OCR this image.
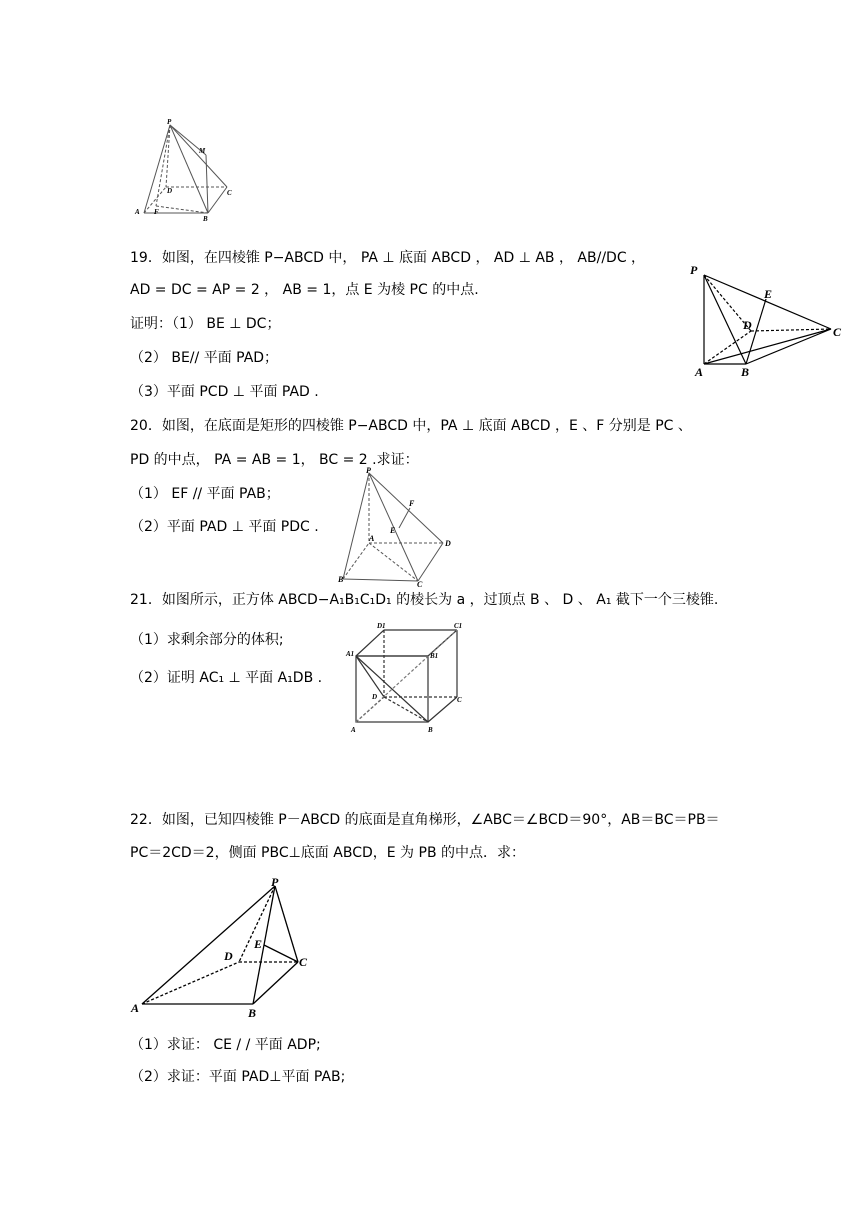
P
M
D	C
A F
B
19．如图，在四棱锥 P−ABCD 中， PA ⊥ 底面 ABCD ， AD ⊥ AB ， AB//DC ，
AD = DC = AP = 2 ， AB = 1，点 E 为棱 PC 的中点.
证明：（1） BE ⊥ DC；
（2） BE// 平面 PAD；
（3）平面 PCD ⊥ 平面 PAD .
P
E
D	C
A	B
20．如图，在底面是矩形的四棱锥 P−ABCD 中，PA ⊥ 底面 ABCD ，E 、F 分别是 PC 、
PD 的中点， PA = AB = 1， BC = 2 .求证：
（1） EF // 平面 PAB；
（2）平面 PAD ⊥ 平面 PDC .
P
F
E
A
D
B
C
21．如图所示，正方体 ABCD−A₁B₁C₁D₁ 的棱长为 a ，过顶点 B 、 D 、 A₁ 截下一个三棱锥.
（1）求剩余部分的体积;
（2）证明 AC₁ ⊥ 平面 A₁DB .
D1	C1
A1	B1
D	C
A	B
22．如图，已知四棱锥 P－ABCD 的底面是直角梯形，∠ABC＝∠BCD＝90°，AB＝BC＝PB＝
PC＝2CD＝2，侧面 PBC⊥底面 ABCD，E 为 PB 的中点．求：
P
E
D	C
A	B
（1）求证： CE / / 平面 ADP;
（2）求证：平面 PAD⊥平面 PAB;
